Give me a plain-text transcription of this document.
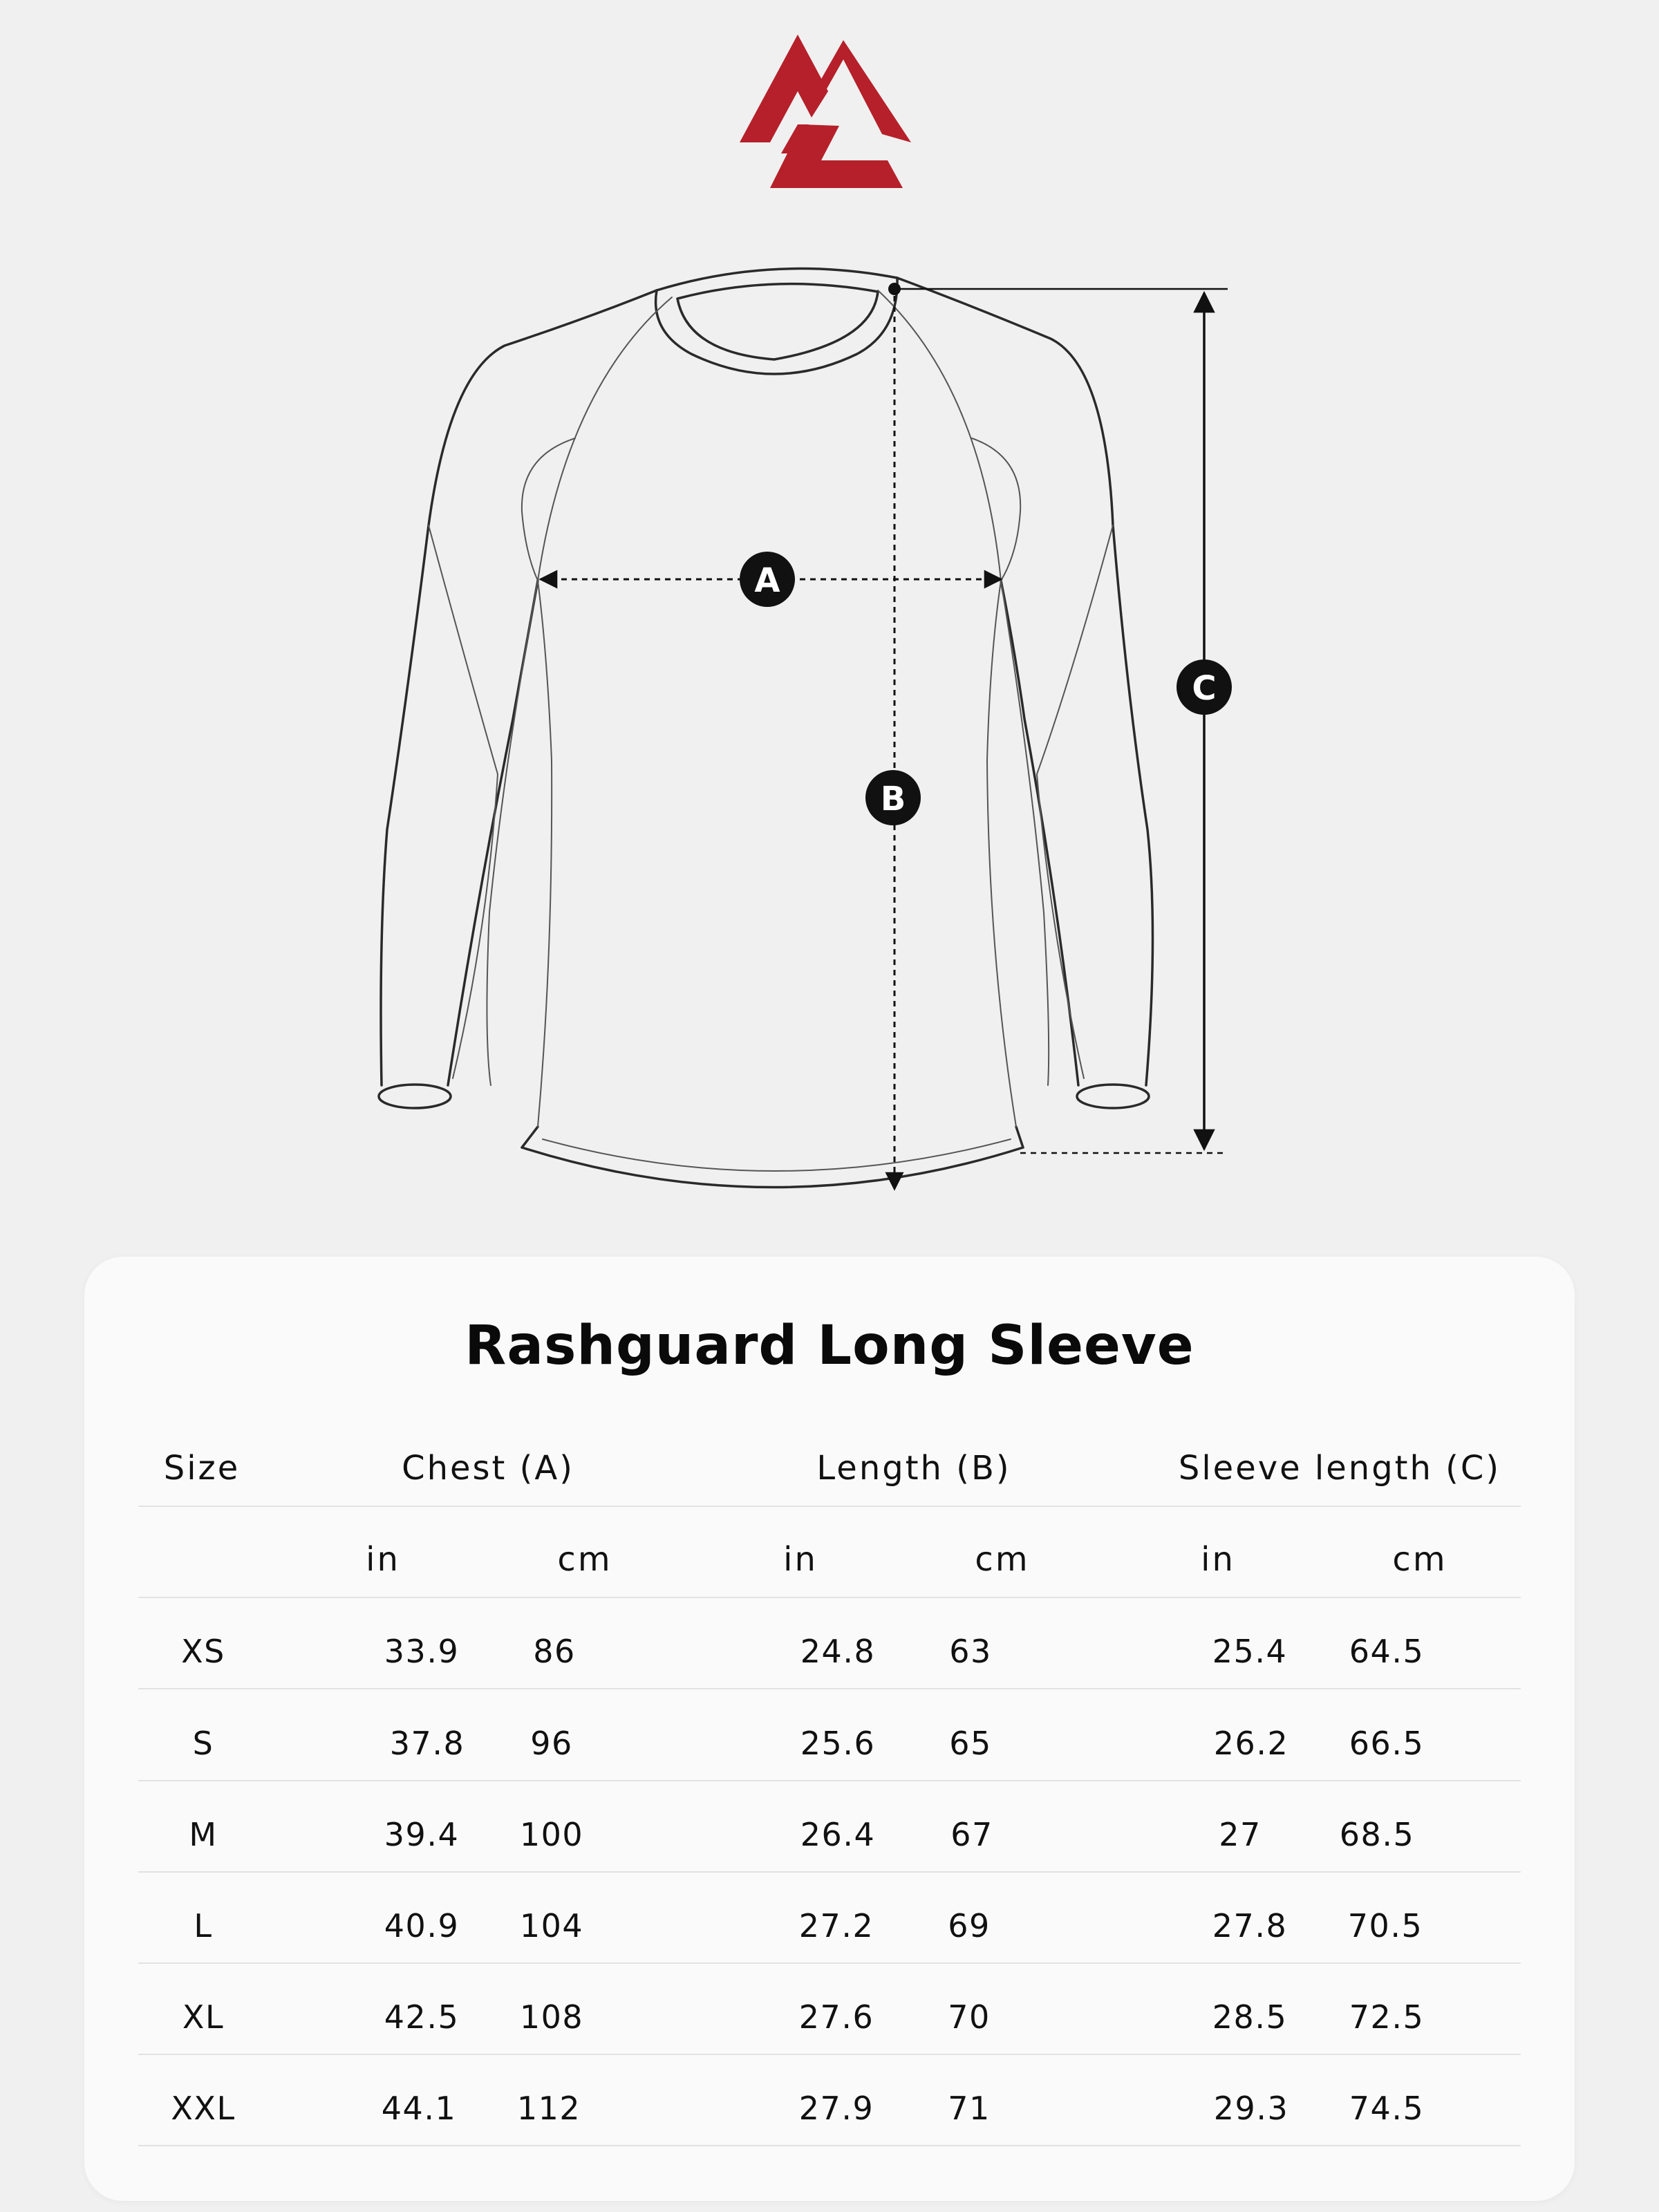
A
B
C
Rashguard Long Sleeve
Size	Chest (A)	Length (B)	Sleeve length (C)
in	cm	in	cm	in	cm
XS	33.9 86	24.8 63	25.4 64.5
S	37.8 96	25.6 65	26.2 66.5
M	39.4 100	26.4 67	27 68.5
L	40.9 104	27.2 69	27.8 70.5
XL	42.5 108	27.6 70	28.5 72.5
XXL	44.1 112	27.9 71	29.3 74.5
